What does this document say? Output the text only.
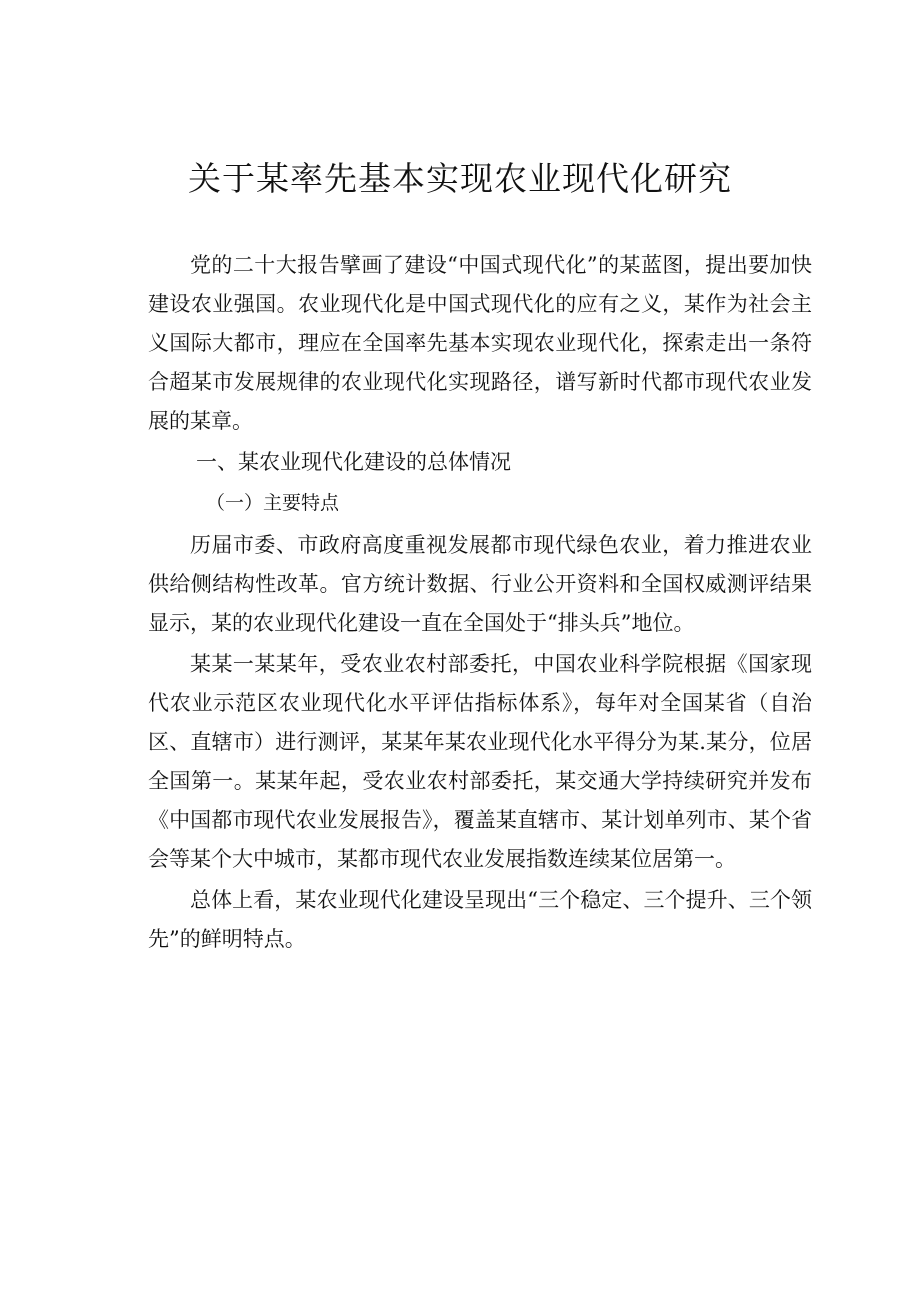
关于某率先基本实现农业现代化研究

党的二十大报告擘画了建设“中国式现代化”的某蓝图，提出要加快建设农业强国。农业现代化是中国式现代化的应有之义，某作为社会主义国际大都市，理应在全国率先基本实现农业现代化，探索走出一条符合超某市发展规律的农业现代化实现路径，谱写新时代都市现代农业发展的某章。

一、某农业现代化建设的总体情况
（一）主要特点

历届市委、市政府高度重视发展都市现代绿色农业，着力推进农业供给侧结构性改革。官方统计数据、行业公开资料和全国权威测评结果显示，某的农业现代化建设一直在全国处于“排头兵”地位。

某某一某某年，受农业农村部委托，中国农业科学院根据《国家现代农业示范区农业现代化水平评估指标体系》，每年对全国某省（自治区、直辖市）进行测评，某某年某农业现代化水平得分为某.某分，位居全国第一。某某年起，受农业农村部委托，某交通大学持续研究并发布《中国都市现代农业发展报告》，覆盖某直辖市、某计划单列市、某个省会等某个大中城市，某都市现代农业发展指数连续某位居第一。

总体上看，某农业现代化建设呈现出“三个稳定、三个提升、三个领先”的鲜明特点。
